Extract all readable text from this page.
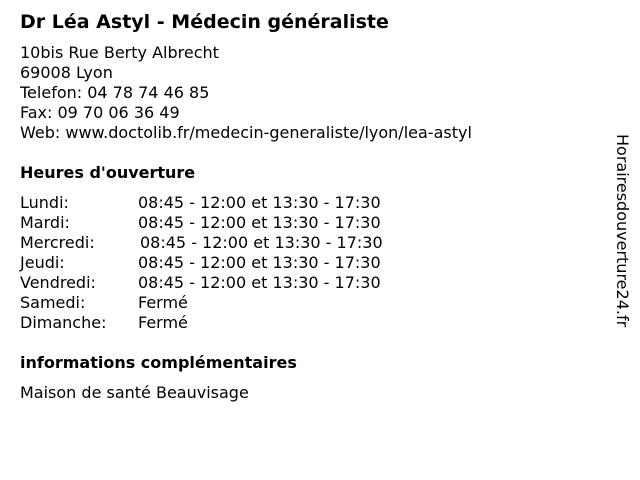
Dr Léa Astyl - Médecin généraliste
10bis Rue Berty Albrecht
69008 Lyon
Telefon: 04 78 74 46 85
Fax: 09 70 06 36 49
Web: www.doctolib.fr/medecin-generaliste/lyon/lea-astyl
Heures d'ouverture
Lundi:	08:45 - 12:00 et 13:30 - 17:30
Mardi:	08:45 - 12:00 et 13:30 - 17:30
Mercredi:	08:45 - 12:00 et 13:30 - 17:30
Jeudi:	08:45 - 12:00 et 13:30 - 17:30
Vendredi:	08:45 - 12:00 et 13:30 - 17:30
Samedi:	Fermé
Dimanche: Fermé
informations complémentaires
Maison de santé Beauvisage
Horairesdouverture24.fr
